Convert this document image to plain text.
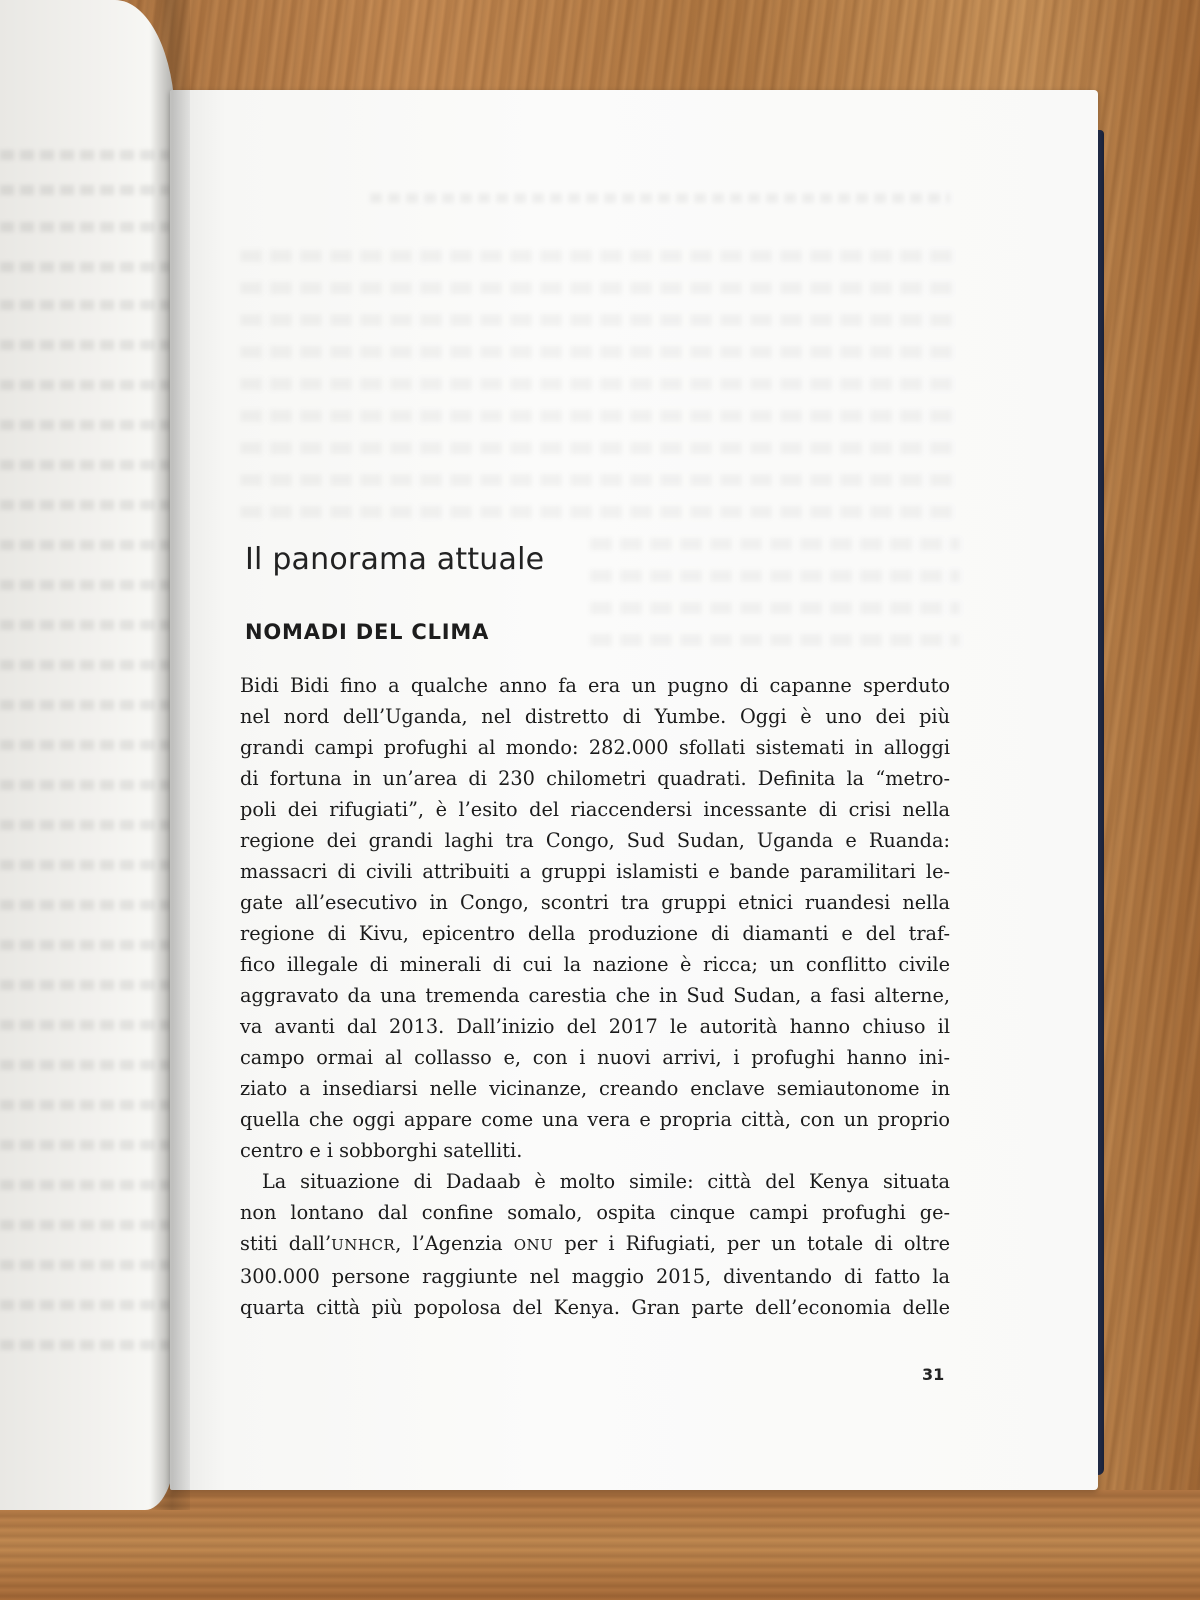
Il panorama attuale
NOMADI DEL CLIMA

Bidi Bidi fino a qualche anno fa era un pugno di capanne sperduto
nel nord dell’Uganda, nel distretto di Yumbe. Oggi è uno dei più
grandi campi profughi al mondo: 282.000 sfollati sistemati in alloggi
di fortuna in un’area di 230 chilometri quadrati. Definita la “metro-
poli dei rifugiati”, è l’esito del riaccendersi incessante di crisi nella
regione dei grandi laghi tra Congo, Sud Sudan, Uganda e Ruanda:
massacri di civili attribuiti a gruppi islamisti e bande paramilitari le-
gate all’esecutivo in Congo, scontri tra gruppi etnici ruandesi nella
regione di Kivu, epicentro della produzione di diamanti e del traf-
fico illegale di minerali di cui la nazione è ricca; un conflitto civile
aggravato da una tremenda carestia che in Sud Sudan, a fasi alterne,
va avanti dal 2013. Dall’inizio del 2017 le autorità hanno chiuso il
campo ormai al collasso e, con i nuovi arrivi, i profughi hanno ini-
ziato a insediarsi nelle vicinanze, creando enclave semiautonome in
quella che oggi appare come una vera e propria città, con un proprio
centro e i sobborghi satelliti.

La situazione di Dadaab è molto simile: città del Kenya situata
non lontano dal confine somalo, ospita cinque campi profughi ge-
stiti dall’UNHCR, l’Agenzia ONU per i Rifugiati, per un totale di oltre
300.000 persone raggiunte nel maggio 2015, diventando di fatto la
quarta città più popolosa del Kenya. Gran parte dell’economia delle

31
